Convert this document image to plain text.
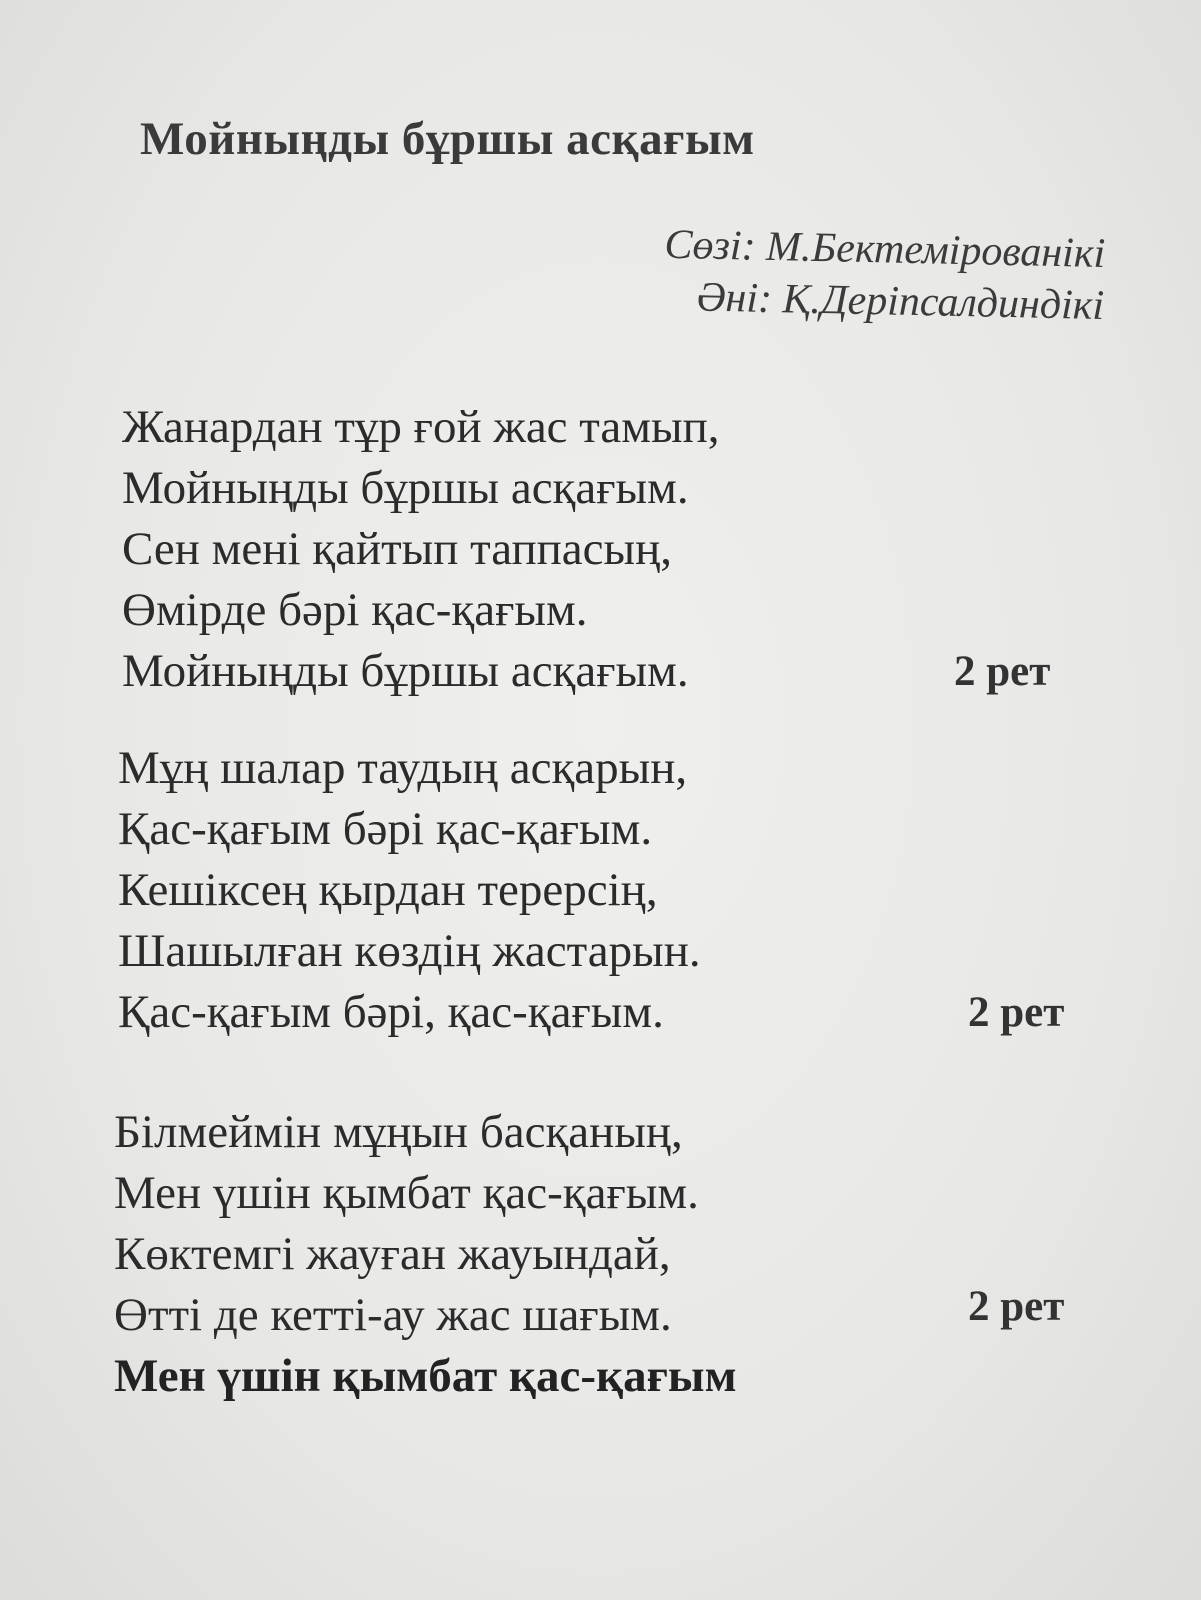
Мойныңды бұршы асқағым
Сөзі: М.Бектемірованікі
Әні: Қ.Деріпсалдиндікі
Жанардан тұр ғой жас тамып,
Мойныңды бұршы асқағым.
Сен мені қайтып таппасың,
Өмірде бәрі қас-қағым.
Мойныңды бұршы асқағым.	2 рет
Мұң шалар таудың асқарын,
Қас-қағым бәрі қас-қағым.
Кешіксең қырдан терерсің,
Шашылған көздің жастарын.
Қас-қағым бәрі, қас-қағым.	2 рет
Білмеймін мұңын басқаның,
Мен үшін қымбат қас-қағым.
Көктемгі жауған жауындай,
Өтті де кетті-ау жас шағым.
Мен үшін қымбат қас-қағым
2 рет
